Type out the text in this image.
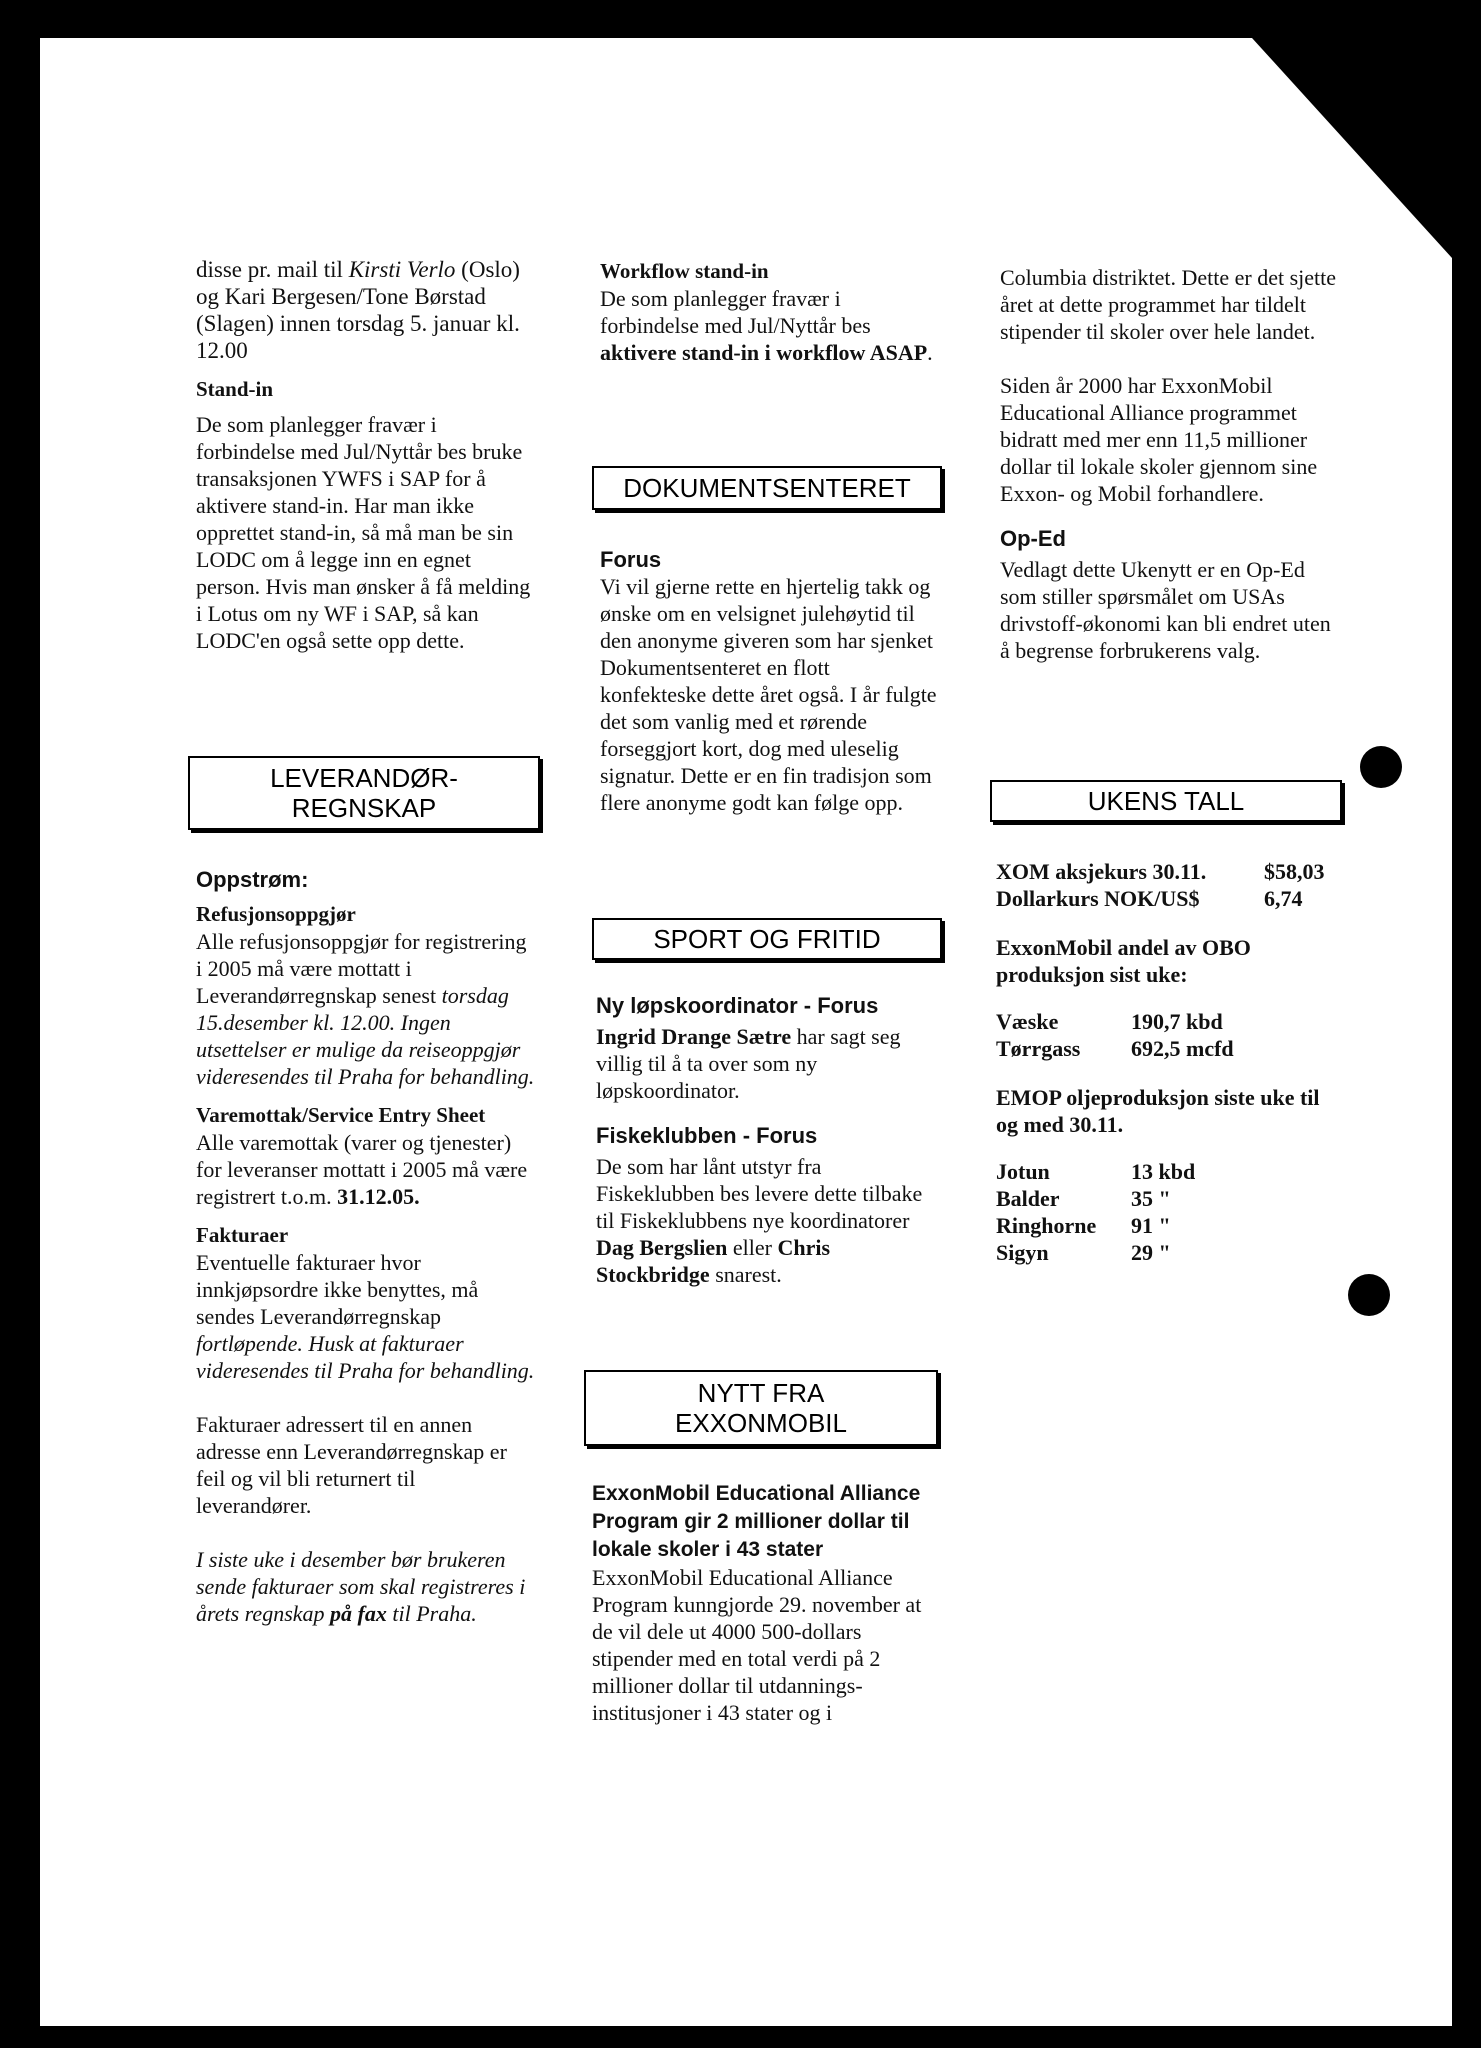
disse pr. mail til Kirsti Verlo (Oslo) og Kari Bergesen/Tone Børstad (Slagen) innen torsdag 5. januar kl. 12.00

Stand-in

De som planlegger fravær i forbindelse med Jul/Nyttår bes bruke transaksjonen YWFS i SAP for å aktivere stand-in. Har man ikke opprettet stand-in, så må man be sin LODC om å legge inn en egnet person. Hvis man ønsker å få melding i Lotus om ny WF i SAP, så kan LODC'en også sette opp dette.

LEVERANDØR-
REGNSKAP

Oppstrøm:

Refusjonsoppgjør

Alle refusjonsoppgjør for registrering i 2005 må være mottatt i Leverandørregnskap senest torsdag 15.desember kl. 12.00. Ingen utsettelser er mulige da reiseoppgjør videresendes til Praha for behandling.

Varemottak/Service Entry Sheet

Alle varemottak (varer og tjenester) for leveranser mottatt i 2005 må være registrert t.o.m. 31.12.05.

Fakturaer

Eventuelle fakturaer hvor innkjøpsordre ikke benyttes, må sendes Leverandørregnskap fortløpende. Husk at fakturaer videresendes til Praha for behandling.

Fakturaer adressert til en annen adresse enn Leverandørregnskap er feil og vil bli returnert til leverandører.

I siste uke i desember bør brukeren sende fakturaer som skal registreres i årets regnskap på fax til Praha.

Workflow stand-in

De som planlegger fravær i forbindelse med Jul/Nyttår bes aktivere stand-in i workflow ASAP.

DOKUMENTSENTERET

Forus

Vi vil gjerne rette en hjertelig takk og ønske om en velsignet julehøytid til den anonyme giveren som har sjenket Dokumentsenteret en flott konfekteske dette året også. I år fulgte det som vanlig med et rørende forseggjort kort, dog med uleselig signatur. Dette er en fin tradisjon som flere anonyme godt kan følge opp.

SPORT OG FRITID

Ny løpskoordinator - Forus

Ingrid Drange Sætre har sagt seg villig til å ta over som ny løpskoordinator.

Fiskeklubben - Forus

De som har lånt utstyr fra Fiskeklubben bes levere dette tilbake til Fiskeklubbens nye koordinatorer Dag Bergslien eller Chris Stockbridge snarest.

NYTT FRA
EXXONMOBIL

ExxonMobil Educational Alliance Program gir 2 millioner dollar til lokale skoler i 43 stater

ExxonMobil Educational Alliance Program kunngjorde 29. november at de vil dele ut 4000 500-dollars stipender med en total verdi på 2 millioner dollar til utdannings-institusjoner i 43 stater og i

Columbia distriktet. Dette er det sjette året at dette programmet har tildelt stipender til skoler over hele landet.

Siden år 2000 har ExxonMobil Educational Alliance programmet bidratt med mer enn 11,5 millioner dollar til lokale skoler gjennom sine Exxon- og Mobil forhandlere.

Op-Ed

Vedlagt dette Ukenytt er en Op-Ed som stiller spørsmålet om USAs drivstoff-økonomi kan bli endret uten å begrense forbrukerens valg.

UKENS TALL
XOM aksjekurs 30.11.	$58,03
Dollarkurs NOK/US$	6,74

ExxonMobil andel av OBO produksjon sist uke:

Væske	190,7 kbd
Tørrgass	692,5 mcfd

EMOP oljeproduksjon siste uke til og med 30.11.

Jotun	13 kbd
Balder	35 "
Ringhorne	91 "
Sigyn	29 "
